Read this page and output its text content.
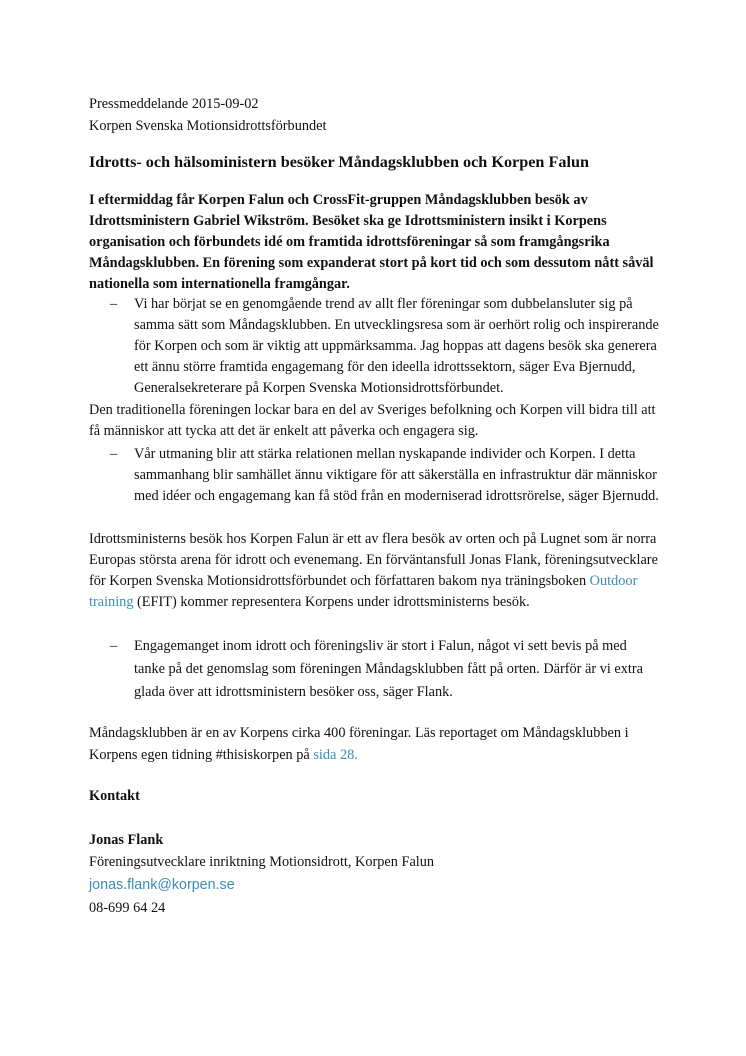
Pressmeddelande 2015-09-02

Korpen Svenska Motionsidrottsförbundet

Idrotts- och hälsoministern besöker Måndagsklubben och Korpen Falun

I eftermiddag får Korpen Falun och CrossFit-gruppen Måndagsklubben besök av Idrottsministern Gabriel Wikström. Besöket ska ge Idrottsministern insikt i Korpens organisation och förbundets idé om framtida idrottsföreningar så som framgångsrika Måndagsklubben. En förening som expanderat stort på kort tid och som dessutom nått såväl nationella som internationella framgångar.

– Vi har börjat se en genomgående trend av allt fler föreningar som dubbelansluter sig på samma sätt som Måndagsklubben. En utvecklingsresa som är oerhört rolig och inspirerande för Korpen och som är viktig att uppmärksamma. Jag hoppas att dagens besök ska generera ett ännu större framtida engagemang för den ideella idrottssektorn, säger Eva Bjernudd, Generalsekreterare på Korpen Svenska Motionsidrottsförbundet.

Den traditionella föreningen lockar bara en del av Sveriges befolkning och Korpen vill bidra till att få människor att tycka att det är enkelt att påverka och engagera sig.

– Vår utmaning blir att stärka relationen mellan nyskapande individer och Korpen. I detta sammanhang blir samhället ännu viktigare för att säkerställa en infrastruktur där människor med idéer och engagemang kan få stöd från en moderniserad idrottsrörelse, säger Bjernudd.

Idrottsministerns besök hos Korpen Falun är ett av flera besök av orten och på Lugnet som är norra Europas största arena för idrott och evenemang. En förväntansfull Jonas Flank, föreningsutvecklare för Korpen Svenska Motionsidrottsförbundet och författaren bakom nya träningsboken Outdoor training (EFIT) kommer representera Korpens under idrottsministerns besök.

– Engagemanget inom idrott och föreningsliv är stort i Falun, något vi sett bevis på med tanke på det genomslag som föreningen Måndagsklubben fått på orten. Därför är vi extra glada över att idrottsministern besöker oss, säger Flank.

Måndagsklubben är en av Korpens cirka 400 föreningar. Läs reportaget om Måndagsklubben i Korpens egen tidning #thisiskorpen på sida 28.

Kontakt

Jonas Flank

Föreningsutvecklare inriktning Motionsidrott, Korpen Falun

jonas.flank@korpen.se

08-699 64 24
